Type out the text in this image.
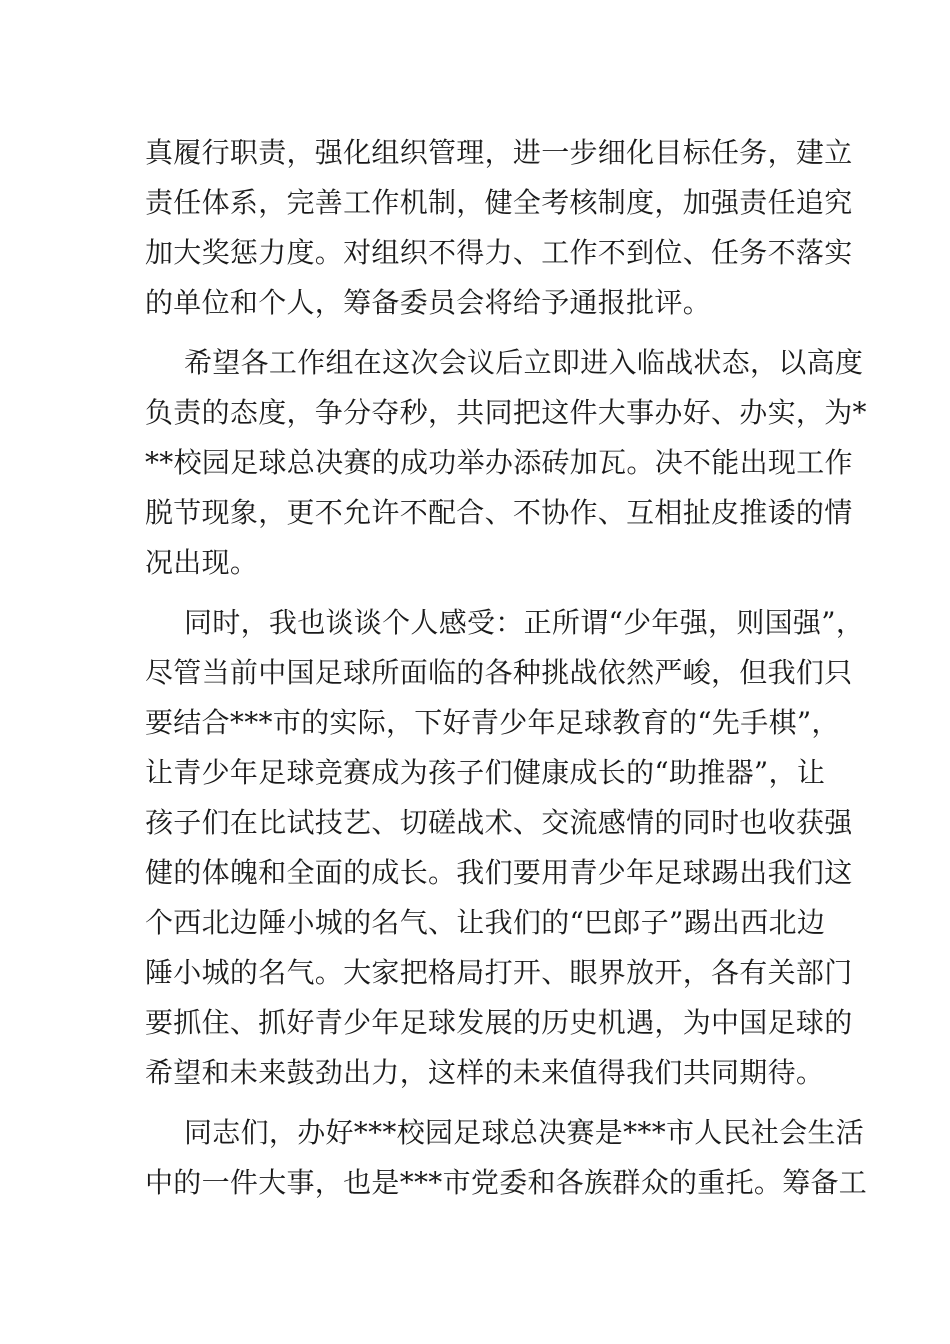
真履行职责，强化组织管理，进一步细化目标任务，建立
责任体系，完善工作机制，健全考核制度，加强责任追究
加大奖惩力度。对组织不得力、工作不到位、任务不落实
的单位和个人，筹备委员会将给予通报批评。
希望各工作组在这次会议后立即进入临战状态，以高度
负责的态度，争分夺秒，共同把这件大事办好、办实，为*
**校园足球总决赛的成功举办添砖加瓦。决不能出现工作
脱节现象，更不允许不配合、不协作、互相扯皮推诿的情
况出现。
同时，我也谈谈个人感受：正所谓“少年强，则国强”，
尽管当前中国足球所面临的各种挑战依然严峻，但我们只
要结合***市的实际，下好青少年足球教育的“先手棋”，
让青少年足球竞赛成为孩子们健康成长的“助推器”，让
孩子们在比试技艺、切磋战术、交流感情的同时也收获强
健的体魄和全面的成长。我们要用青少年足球踢出我们这
个西北边陲小城的名气、让我们的“巴郎子”踢出西北边
陲小城的名气。大家把格局打开、眼界放开，各有关部门
要抓住、抓好青少年足球发展的历史机遇，为中国足球的
希望和未来鼓劲出力，这样的未来值得我们共同期待。
同志们，办好***校园足球总决赛是***市人民社会生活
中的一件大事，也是***市党委和各族群众的重托。筹备工
